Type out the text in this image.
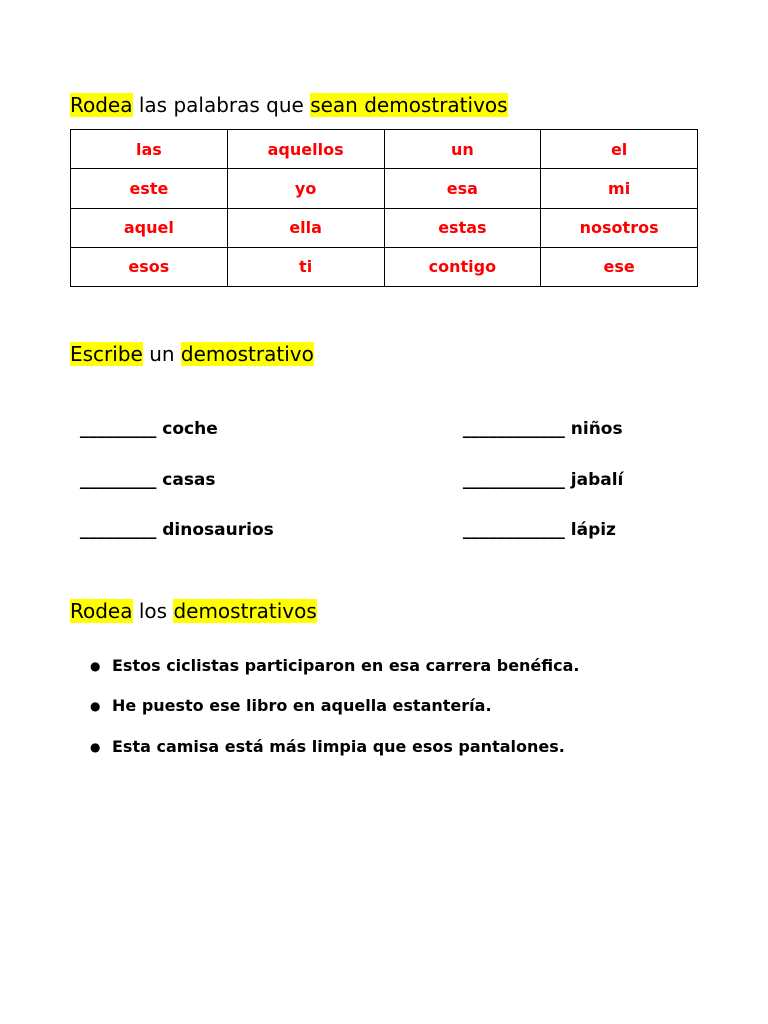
Rodea las palabras que sean demostrativos
las	aquellos	un	el
este	yo	esa	mi
aquel	ella	estas	nosotros
esos	ti	contigo	ese
Escribe un demostrativo

_________ coche	____________ niños

_________ casas	____________ jabalí

_________ dinosaurios	____________ lápiz

Rodea los demostrativos
● Estos ciclistas participaron en esa carrera benéfica.
● He puesto ese libro en aquella estantería.
● Esta camisa está más limpia que esos pantalones.
